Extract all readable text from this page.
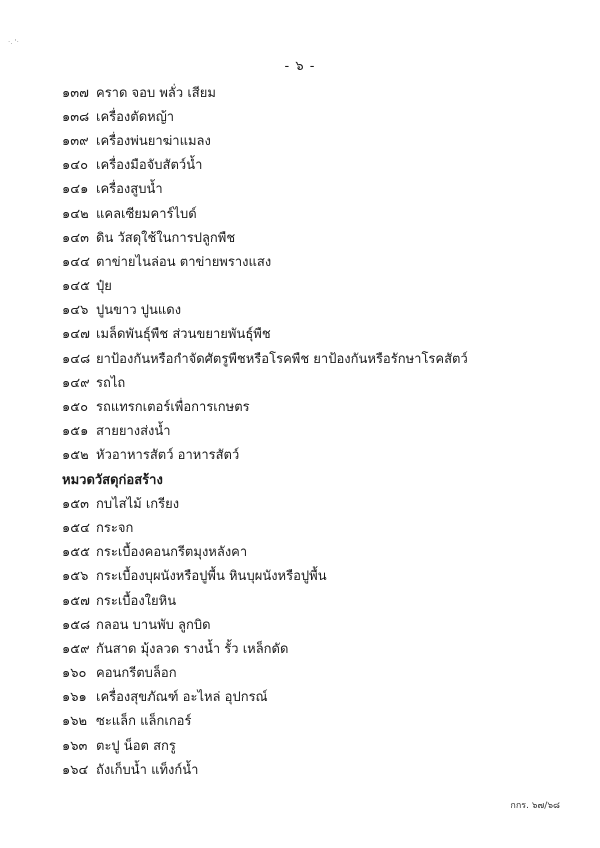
·. '·
- ๖ -
๑๓๗ คราด จอบ พลั่ว เสียม
๑๓๘ เครื่องตัดหญ้า
๑๓๙ เครื่องพ่นยาฆ่าแมลง
๑๔๐ เครื่องมือจับสัตว์น้ำ
๑๔๑ เครื่องสูบน้ำ
๑๔๒ แคลเซียมคาร์ไบด์
๑๔๓ ดิน วัสดุใช้ในการปลูกพืช
๑๔๔ ตาข่ายไนล่อน ตาข่ายพรางแสง
๑๔๕ ปุ๋ย
๑๔๖ ปูนขาว ปูนแดง
๑๔๗ เมล็ดพันธุ์พืช ส่วนขยายพันธุ์พืช
๑๔๘ ยาป้องกันหรือกำจัดศัตรูพืชหรือโรคพืช ยาป้องกันหรือรักษาโรคสัตว์
๑๔๙ รถไถ
๑๕๐ รถแทรกเตอร์เพื่อการเกษตร
๑๕๑ สายยางส่งน้ำ
๑๕๒ หัวอาหารสัตว์ อาหารสัตว์
หมวดวัสดุก่อสร้าง
๑๕๓ กบไสไม้ เกรียง
๑๕๔ กระจก
๑๕๕ กระเบื้องคอนกรีตมุงหลังคา
๑๕๖ กระเบื้องบุผนังหรือปูพื้น หินบุผนังหรือปูพื้น
๑๕๗ กระเบื้องใยหิน
๑๕๘ กลอน บานพับ ลูกบิด
๑๕๙ กันสาด มุ้งลวด รางน้ำ รั้ว เหล็กดัด
๑๖๐ คอนกรีตบล็อก
๑๖๑ เครื่องสุขภัณฑ์ อะไหล่ อุปกรณ์
๑๖๒ ซะแล็ก แล็กเกอร์
๑๖๓ ตะปู น็อต สกรู
๑๖๔ ถังเก็บน้ำ แท็งก์น้ำ
กกร. ๖๗/๖๘
